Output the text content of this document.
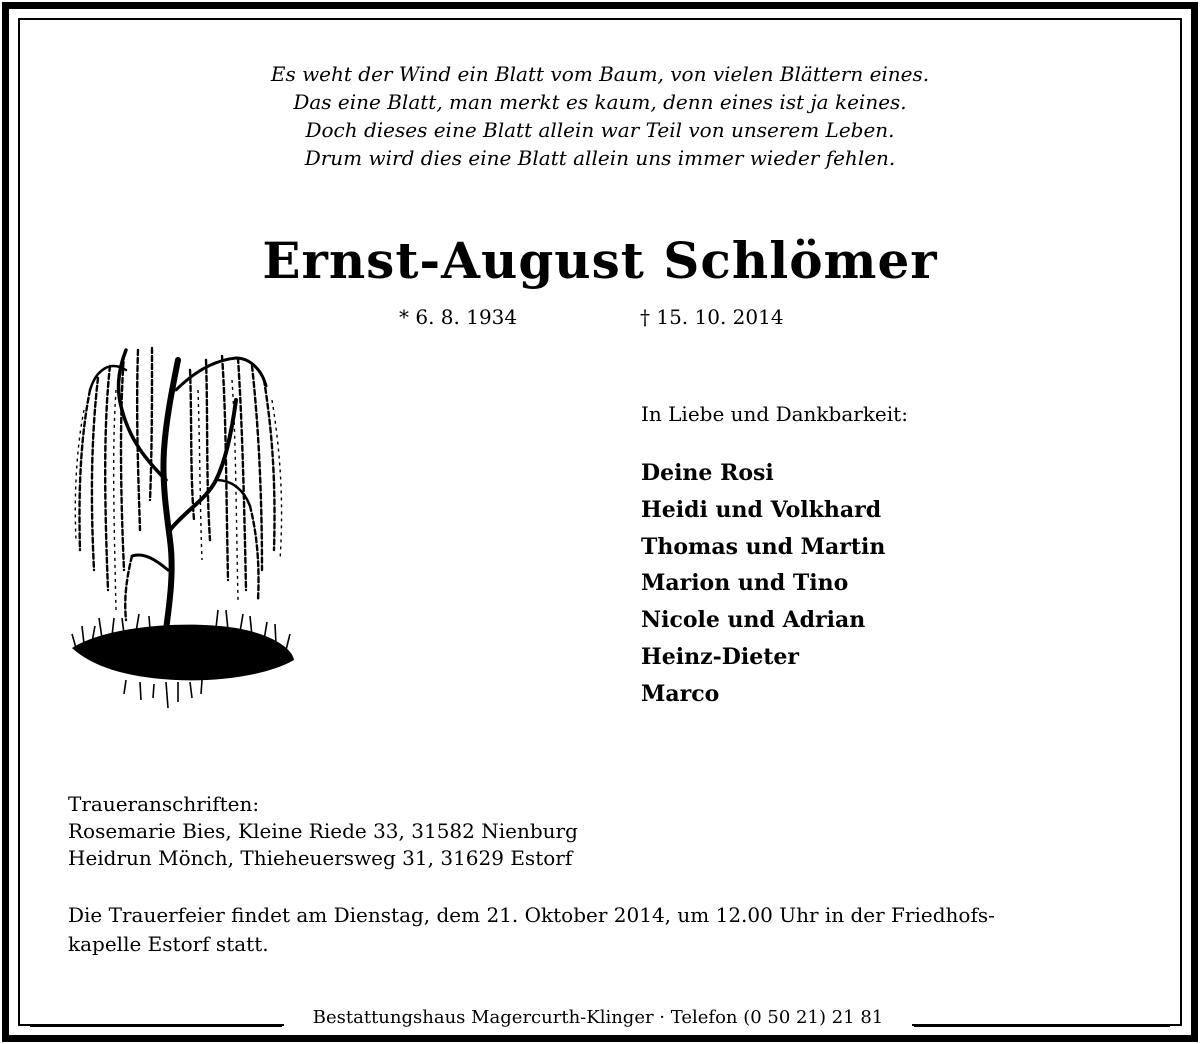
Es weht der Wind ein Blatt vom Baum, von vielen Blättern eines.
Das eine Blatt, man merkt es kaum, denn eines ist ja keines.
Doch dieses eine Blatt allein war Teil von unserem Leben.
Drum wird dies eine Blatt allein uns immer wieder fehlen.
Ernst-August Schlömer
* 6. 8. 1934	† 15. 10. 2014
In Liebe und Dankbarkeit:
Deine Rosi
Heidi und Volkhard
Thomas und Martin
Marion und Tino
Nicole und Adrian
Heinz-Dieter
Marco
Traueranschriften:
Rosemarie Bies, Kleine Riede 33, 31582 Nienburg
Heidrun Mönch, Thieheuersweg 31, 31629 Estorf
Die Trauerfeier findet am Dienstag, dem 21. Oktober 2014, um 12.00 Uhr in der Friedhofs-
kapelle Estorf statt.
Bestattungshaus Magercurth-Klinger · Telefon (0 50 21) 21 81
